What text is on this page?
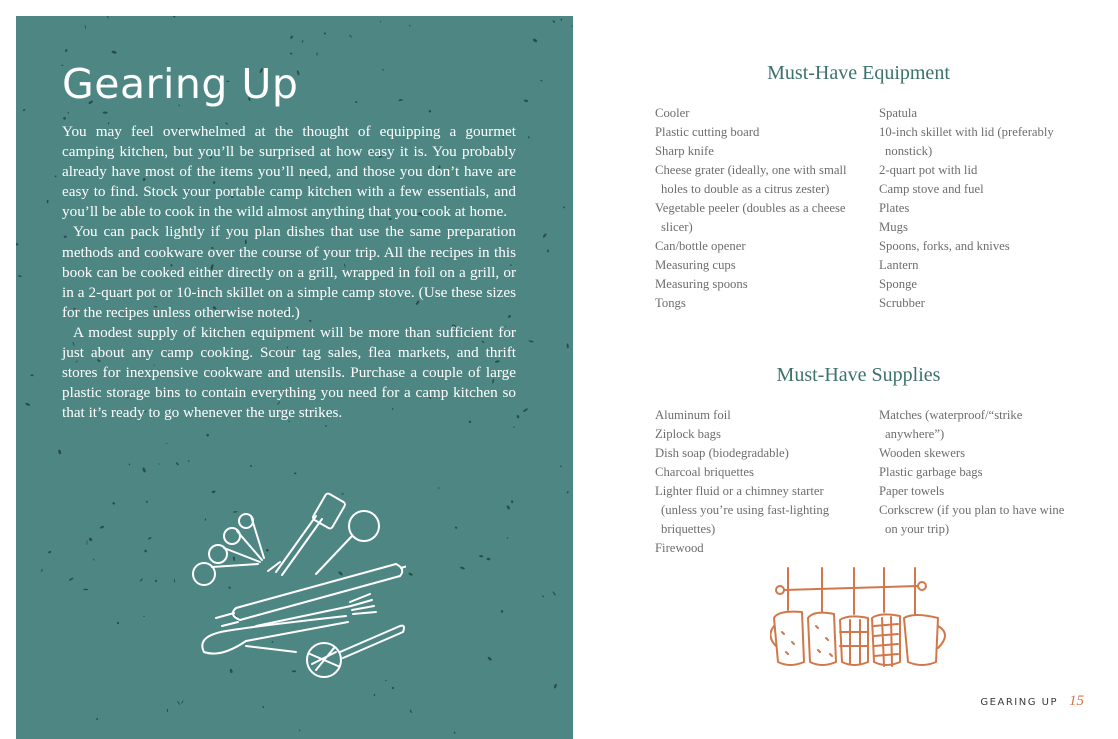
Gearing Up

You may feel overwhelmed at the thought of equipping a gourmet camping kitchen, but you’ll be surprised at how easy it is. You probably already have most of the items you’ll need, and those you don’t have are easy to find. Stock your portable camp kitchen with a few essentials, and you’ll be able to cook in the wild almost anything that you cook at home.

You can pack lightly if you plan dishes that use the same preparation methods and cookware over the course of your trip. All the recipes in this book can be cooked either directly on a grill, wrapped in foil on a grill, or in a 2-quart pot or 10-inch skillet on a simple camp stove. (Use these sizes for the recipes unless otherwise noted.)

A modest supply of kitchen equipment will be more than sufficient for just about any camp cooking. Scour tag sales, flea markets, and thrift stores for inexpensive cookware and utensils. Purchase a couple of large plastic storage bins to contain everything you need for a camp kitchen so that it’s ready to go whenever the urge strikes.

Must-Have Equipment
Cooler
Plastic cutting board
Sharp knife
Cheese grater (ideally, one with small holes to double as a citrus zester)
Vegetable peeler (doubles as a cheese slicer)
Can/bottle opener
Measuring cups
Measuring spoons
Tongs
Spatula
10-inch skillet with lid (preferably nonstick)
2-quart pot with lid
Camp stove and fuel
Plates
Mugs
Spoons, forks, and knives
Lantern
Sponge
Scrubber
Must-Have Supplies
Aluminum foil
Ziplock bags
Dish soap (biodegradable)
Charcoal briquettes
Lighter fluid or a chimney starter (unless you’re using fast-lighting briquettes)
Firewood
Matches (waterproof/“strike anywhere”)
Wooden skewers
Plastic garbage bags
Paper towels
Corkscrew (if you plan to have wine on your trip)
GEARING UP 15
